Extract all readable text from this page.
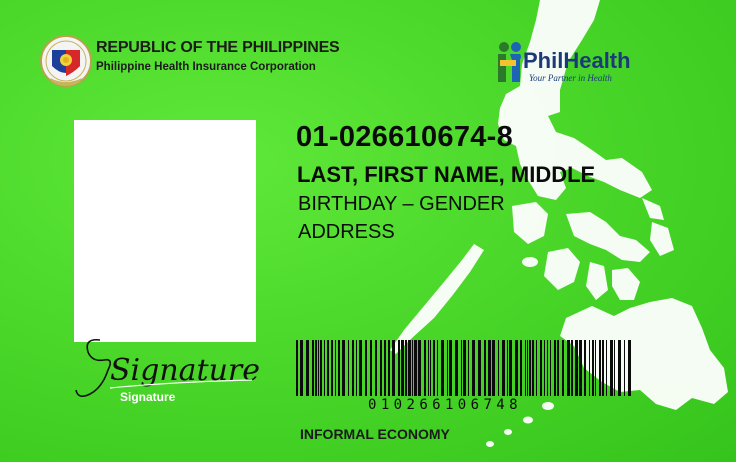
REPUBLIC OF THE PHILIPPINES
Philippine Health Insurance Corporation	PhilHealth
Your Partner in Health
01-026610674-8
LAST, FIRST NAME, MIDDLE
BIRTHDAY – GENDER
ADDRESS
Signature
Signature	010266106748
INFORMAL ECONOMY
